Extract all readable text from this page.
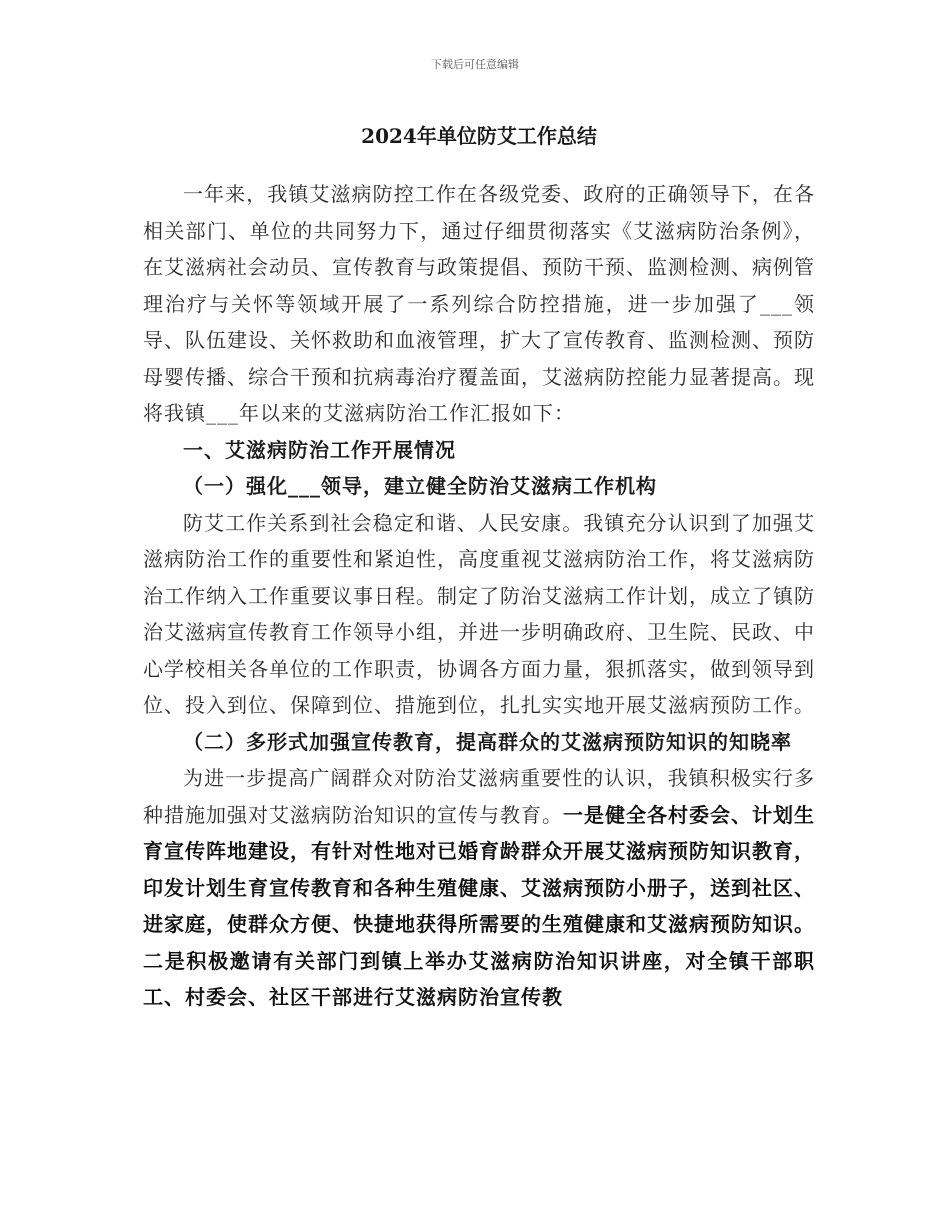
下载后可任意编辑
2024年单位防艾工作总结

一年来，我镇艾滋病防控工作在各级党委、政府的正确领导下，在各相关部门、单位的共同努力下，通过仔细贯彻落实《艾滋病防治条例》，在艾滋病社会动员、宣传教育与政策提倡、预防干预、监测检测、病例管理治疗与关怀等领域开展了一系列综合防控措施，进一步加强了___领导、队伍建设、关怀救助和血液管理，扩大了宣传教育、监测检测、预防母婴传播、综合干预和抗病毒治疗覆盖面，艾滋病防控能力显著提高。现将我镇___年以来的艾滋病防治工作汇报如下：

一、艾滋病防治工作开展情况

（一）强化___领导，建立健全防治艾滋病工作机构

防艾工作关系到社会稳定和谐、人民安康。我镇充分认识到了加强艾滋病防治工作的重要性和紧迫性，高度重视艾滋病防治工作，将艾滋病防治工作纳入工作重要议事日程。制定了防治艾滋病工作计划，成立了镇防治艾滋病宣传教育工作领导小组，并进一步明确政府、卫生院、民政、中心学校相关各单位的工作职责，协调各方面力量，狠抓落实，做到领导到位、投入到位、保障到位、措施到位，扎扎实实地开展艾滋病预防工作。

（二）多形式加强宣传教育，提高群众的艾滋病预防知识的知晓率

为进一步提高广阔群众对防治艾滋病重要性的认识，我镇积极实行多种措施加强对艾滋病防治知识的宣传与教育。一是健全各村委会、计划生育宣传阵地建设，有针对性地对已婚育龄群众开展艾滋病预防知识教育，印发计划生育宣传教育和各种生殖健康、艾滋病预防小册子，送到社区、进家庭，使群众方便、快捷地获得所需要的生殖健康和艾滋病预防知识。二是积极邀请有关部门到镇上举办艾滋病防治知识讲座，对全镇干部职工、村委会、社区干部进行艾滋病防治宣传教
